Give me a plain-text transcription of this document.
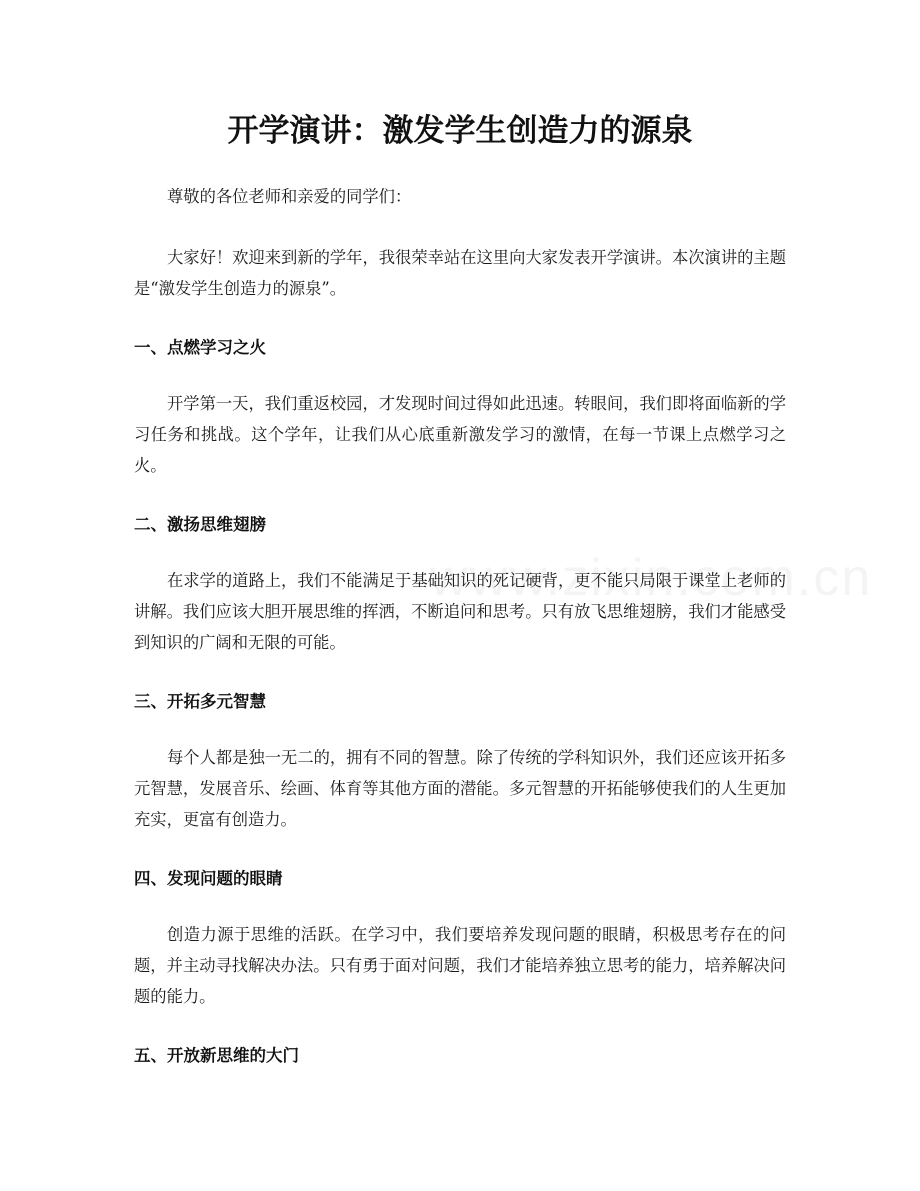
开学演讲：激发学生创造力的源泉

尊敬的各位老师和亲爱的同学们：

大家好！欢迎来到新的学年，我很荣幸站在这里向大家发表开学演讲。本次演讲的主题是“激发学生创造力的源泉”。

一、点燃学习之火

开学第一天，我们重返校园，才发现时间过得如此迅速。转眼间，我们即将面临新的学习任务和挑战。这个学年，让我们从心底重新激发学习的激情，在每一节课上点燃学习之火。

二、激扬思维翅膀

在求学的道路上，我们不能满足于基础知识的死记硬背，更不能只局限于课堂上老师的讲解。我们应该大胆开展思维的挥洒，不断追问和思考。只有放飞思维翅膀，我们才能感受到知识的广阔和无限的可能。

三、开拓多元智慧

每个人都是独一无二的，拥有不同的智慧。除了传统的学科知识外，我们还应该开拓多元智慧，发展音乐、绘画、体育等其他方面的潜能。多元智慧的开拓能够使我们的人生更加充实，更富有创造力。

四、发现问题的眼睛

创造力源于思维的活跃。在学习中，我们要培养发现问题的眼睛，积极思考存在的问题，并主动寻找解决办法。只有勇于面对问题，我们才能培养独立思考的能力，培养解决问题的能力。

五、开放新思维的大门
